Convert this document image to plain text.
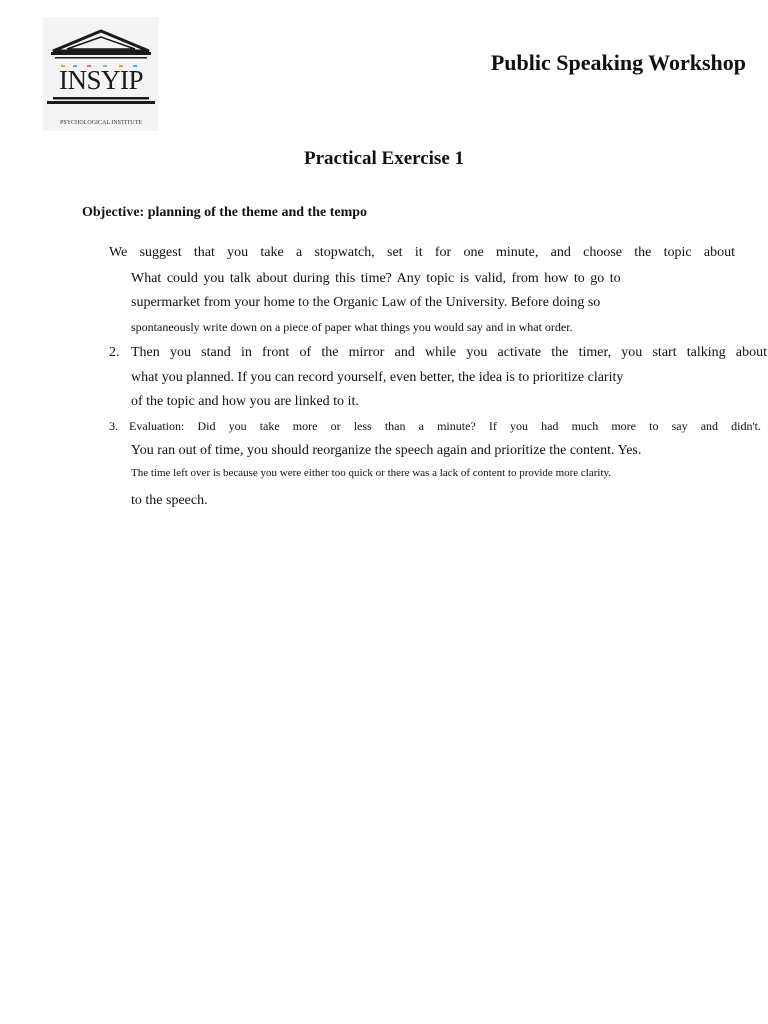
INSYIP
PSYCHOLOGICAL INSTITUTE
Public Speaking Workshop
Practical Exercise 1
Objective: planning of the theme and the tempo
We suggest that you take a stopwatch, set it for one minute, and choose the topic about
What could you talk about during this time? Any topic is valid, from how to go to
supermarket from your home to the Organic Law of the University. Before doing so
spontaneously write down on a piece of paper what things you would say and in what order.
2. Then you stand in front of the mirror and while you activate the timer, you start talking about
what you planned. If you can record yourself, even better, the idea is to prioritize clarity
of the topic and how you are linked to it.
3. Evaluation: Did you take more or less than a minute? If you had much more to say and didn't.
You ran out of time, you should reorganize the speech again and prioritize the content. Yes.
The time left over is because you were either too quick or there was a lack of content to provide more clarity.
to the speech.
